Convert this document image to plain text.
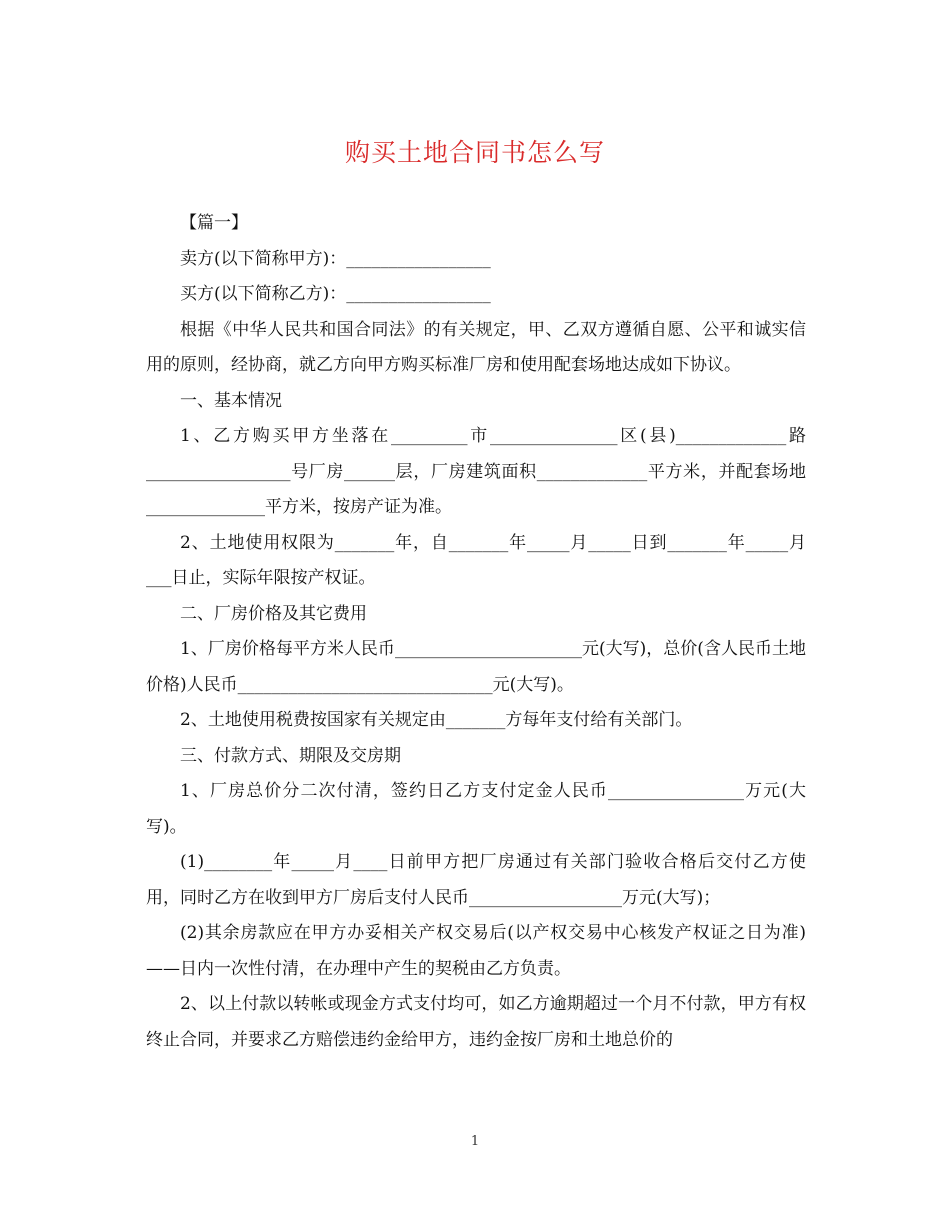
购买土地合同书怎么写

【篇一】

卖方(以下简称甲方)：_________________

买方(以下简称乙方)：_________________

根据《中华人民共和国合同法》的有关规定，甲、乙双方遵循自愿、公平和诚实信用的原则，经协商，就乙方向甲方购买标准厂房和使用配套场地达成如下协议。

一、基本情况

1、乙方购买甲方坐落在_________市_______________区(县)_____________路_________________号厂房______层，厂房建筑面积_____________平方米，并配套场地______________平方米，按房产证为准。

2、土地使用权限为_______年，自_______年_____月_____日到_______年_____月___日止，实际年限按产权证。

二、厂房价格及其它费用

1、厂房价格每平方米人民币______________________元(大写)，总价(含人民币土地价格)人民币______________________________元(大写)。

2、土地使用税费按国家有关规定由_______方每年支付给有关部门。

三、付款方式、期限及交房期

1、厂房总价分二次付清，签约日乙方支付定金人民币________________万元(大写)。

(1)________年_____月____日前甲方把厂房通过有关部门验收合格后交付乙方使用，同时乙方在收到甲方厂房后支付人民币__________________万元(大写)；

(2)其余房款应在甲方办妥相关产权交易后(以产权交易中心核发产权证之日为准)——日内一次性付清，在办理中产生的契税由乙方负责。

2、以上付款以转帐或现金方式支付均可，如乙方逾期超过一个月不付款，甲方有权终止合同，并要求乙方赔偿违约金给甲方，违约金按厂房和土地总价的

1
